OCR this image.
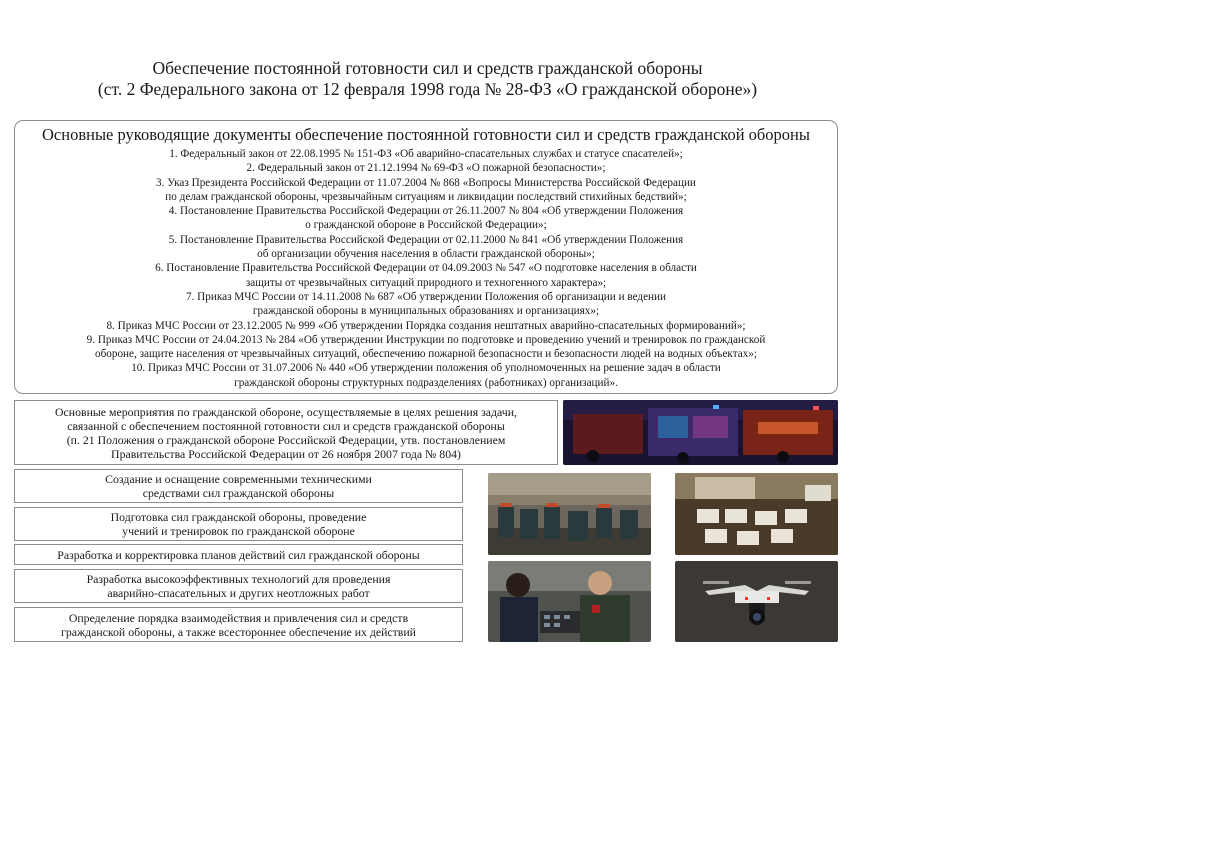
Обеспечение постоянной готовности сил и средств гражданской обороны
(ст. 2 Федерального закона от 12 февраля 1998 года № 28-ФЗ «О гражданской обороне»)
Основные руководящие документы обеспечение постоянной готовности сил и средств гражданской обороны
1. Федеральный закон от 22.08.1995 № 151-ФЗ «Об аварийно-спасательных службах и статусе спасателей»;
2. Федеральный закон от 21.12.1994 № 69-ФЗ «О пожарной безопасности»;
3. Указ Президента Российской Федерации от 11.07.2004 № 868 «Вопросы Министерства Российской Федерации
по делам гражданской обороны, чрезвычайным ситуациям и ликвидации последствий стихийных бедствий»;
4. Постановление Правительства Российской Федерации от 26.11.2007 № 804 «Об утверждении Положения
о гражданской обороне в Российской Федерации»;
5. Постановление Правительства Российской Федерации от 02.11.2000 № 841 «Об утверждении Положения
об организации обучения населения в области гражданской обороны»;
6. Постановление Правительства Российской Федерации от 04.09.2003 № 547 «О подготовке населения в области
защиты от чрезвычайных ситуаций природного и техногенного характера»;
7. Приказ МЧС России от 14.11.2008 № 687 «Об утверждении Положения об организации и ведении
гражданской обороны в муниципальных образованиях и организациях»;
8. Приказ МЧС России от 23.12.2005 № 999 «Об утверждении Порядка создания нештатных аварийно-спасательных формирований»;
9. Приказ МЧС России от 24.04.2013 № 284 «Об утверждении Инструкции по подготовке и проведению учений и тренировок по гражданской
обороне, защите населения от чрезвычайных ситуаций, обеспечению пожарной безопасности и безопасности людей на водных объектах»;
10. Приказ МЧС России от 31.07.2006 № 440 «Об утверждении положения об уполномоченных на решение задач в области
гражданской обороны структурных подразделениях (работниках) организаций».
Основные мероприятия по гражданской обороне, осуществляемые в целях решения задачи,
связанной с обеспечением постоянной готовности сил и средств гражданской обороны
(п. 21 Положения о гражданской обороне Российской Федерации, утв. постановлением
Правительства Российской Федерации от 26 ноября 2007 года № 804)
Создание и оснащение современными техническими
средствами сил гражданской обороны
Подготовка сил гражданской обороны, проведение
учений и тренировок по гражданской обороне
Разработка и корректировка планов действий сил гражданской обороны
Разработка высокоэффективных технологий для проведения
аварийно-спасательных и других неотложных работ
Определение порядка взаимодействия и привлечения сил и средств
гражданской обороны, а также всестороннее обеспечение их действий
